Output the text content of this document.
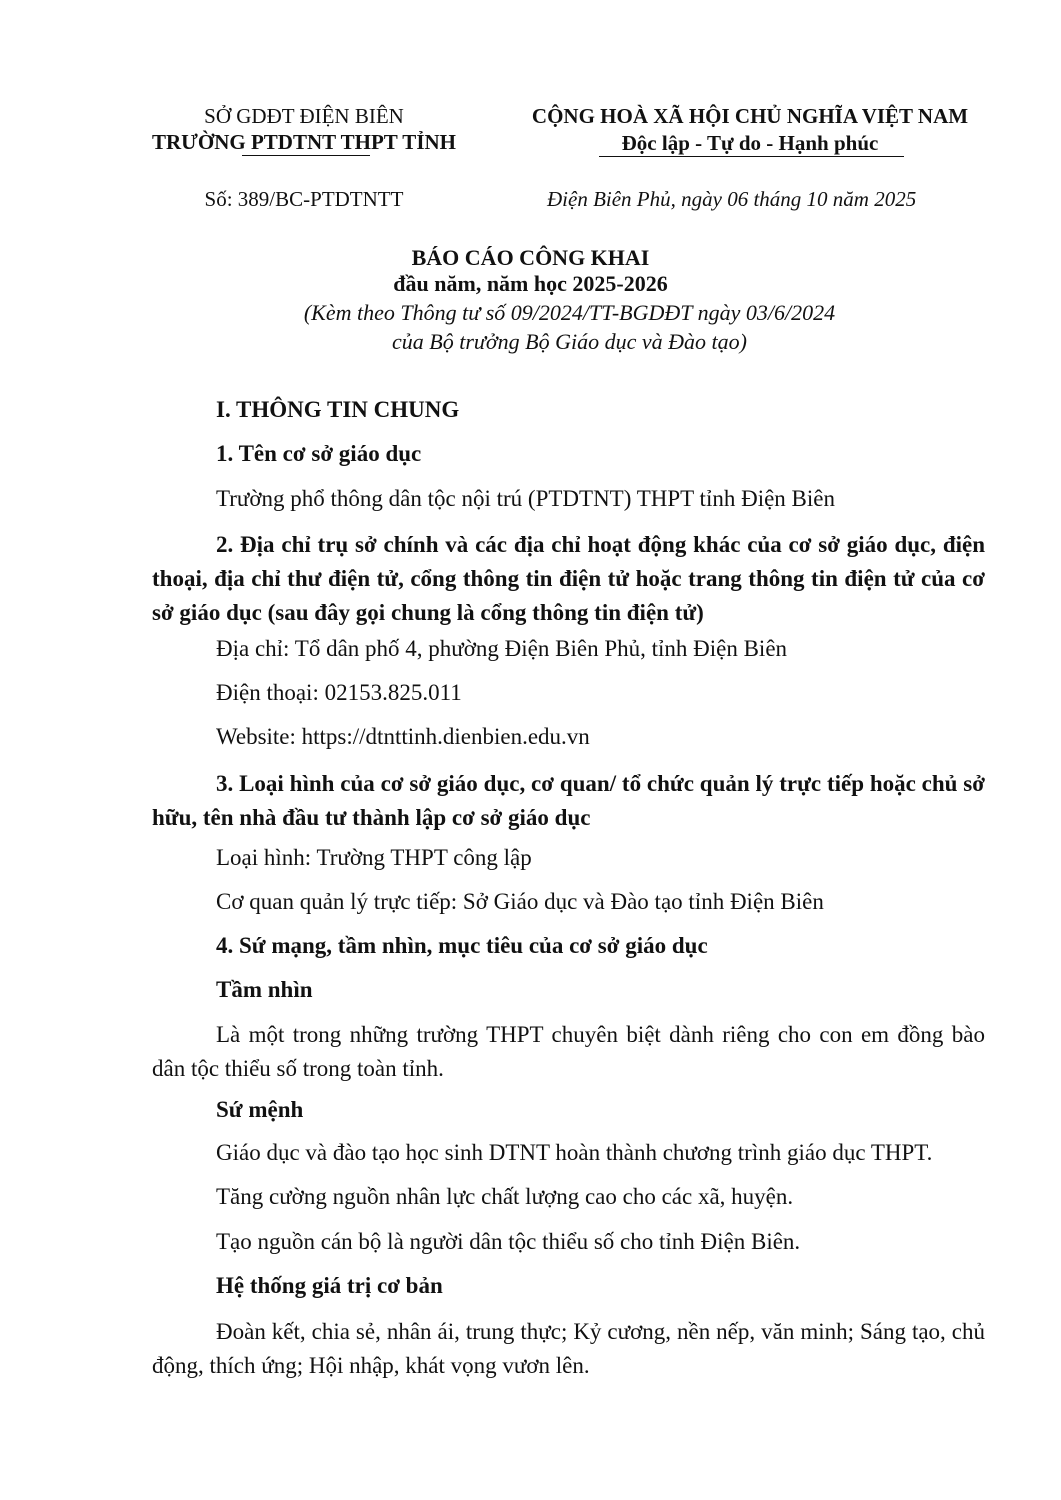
SỞ GDĐT ĐIỆN BIÊN
TRƯỜNG PTDTNT THPT TỈNH
CỘNG HOÀ XÃ HỘI CHỦ NGHĨA VIỆT NAM
Độc lập - Tự do - Hạnh phúc
Số: 389/BC-PTDTNTT	Điện Biên Phủ, ngày 06 tháng 10 năm 2025
BÁO CÁO CÔNG KHAI
đầu năm, năm học 2025-2026
(Kèm theo Thông tư số 09/2024/TT-BGDĐT ngày 03/6/2024
của Bộ trưởng Bộ Giáo dục và Đào tạo)
I. THÔNG TIN CHUNG
1. Tên cơ sở giáo dục
Trường phổ thông dân tộc nội trú (PTDTNT) THPT tỉnh Điện Biên
2. Địa chỉ trụ sở chính và các địa chỉ hoạt động khác của cơ sở giáo dục, điện thoại, địa chỉ thư điện tử, cổng thông tin điện tử hoặc trang thông tin điện tử của cơ sở giáo dục (sau đây gọi chung là cổng thông tin điện tử)
Địa chỉ: Tổ dân phố 4, phường Điện Biên Phủ, tỉnh Điện Biên
Điện thoại: 02153.825.011
Website: https://dtnttinh.dienbien.edu.vn
3. Loại hình của cơ sở giáo dục, cơ quan/ tổ chức quản lý trực tiếp hoặc chủ sở hữu, tên nhà đầu tư thành lập cơ sở giáo dục
Loại hình: Trường THPT công lập
Cơ quan quản lý trực tiếp: Sở Giáo dục và Đào tạo tỉnh Điện Biên
4. Sứ mạng, tầm nhìn, mục tiêu của cơ sở giáo dục
Tầm nhìn
Là một trong những trường THPT chuyên biệt dành riêng cho con em đồng bào dân tộc thiểu số trong toàn tỉnh.
Sứ mệnh
Giáo dục và đào tạo học sinh DTNT hoàn thành chương trình giáo dục THPT.
Tăng cường nguồn nhân lực chất lượng cao cho các xã, huyện.
Tạo nguồn cán bộ là người dân tộc thiểu số cho tỉnh Điện Biên.
Hệ thống giá trị cơ bản
Đoàn kết, chia sẻ, nhân ái, trung thực; Kỷ cương, nền nếp, văn minh; Sáng tạo, chủ động, thích ứng; Hội nhập, khát vọng vươn lên.
